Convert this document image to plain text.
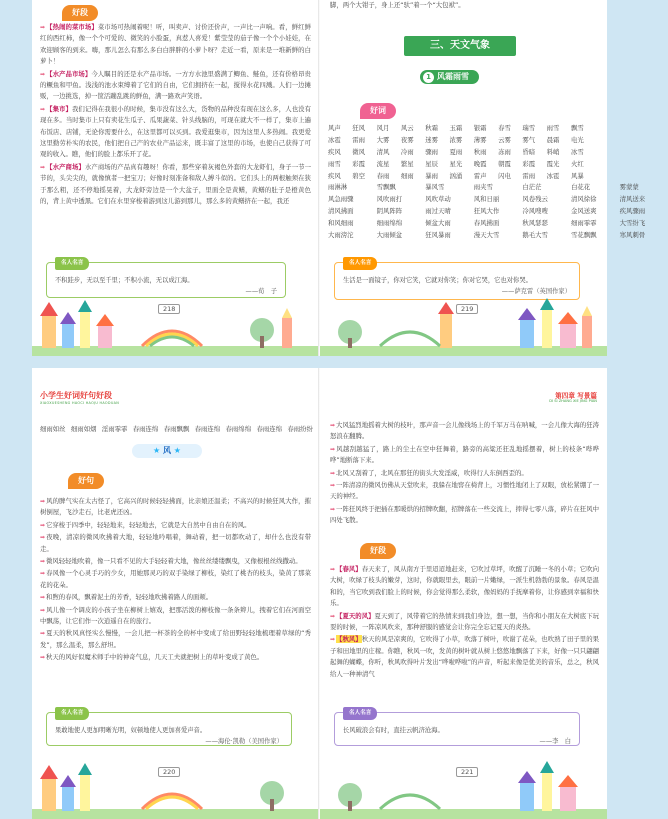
好段

➡【热闹的菜市场】菜市场可热闹着呢！听，叫卖声、讨价还价声，一声比一声响。看，鲜红鲜红的西红柿，像一个个可爱的、微笑的小脸蛋，真惹人喜爱！紫莹莹的茄子像一个个小娃娃，在欢迎顾客的到来。嗨，那儿怎么有那么多白白胖胖的小萝卜呀？走近一看，原来是一堆新鲜的白萝卜！

➡【水产品市场】今人瞩目的还是水产品市场。一方方水池里盛满了鲫鱼、鲢鱼，还有价格昂贵的鳜鱼和甲鱼。浅浅的池水束缚着了它们的自由，它们拥挤在一起，搅得水花四溅。人们一边摊贩，一边挑选，掉一筐活蹦乱跳的鲜鱼，满一路欢声笑语。

➡【集市】我们记得在我很小的时候，集市没有这么大，货物的品种没有现在这么多，人也没有现在多。当时集市上只有卖花生瓜子、瓜果蔬菜、针头线脑的，可现在就大不一样了，集市上遍布饭店、店铺，无论你需要什么，在这里都可以买到。我爱逛集市，因为这里人多热闹。我更爱这里勤劳朴实的农民，他们把自己产的农业产品运来，既丰富了这里的市场，也使自己获得了可观的收入。瞧，他们的脸上都乐开了花。

➡【水产商场】水产商场的产品真有趣呀！你看，那些穿着灰褐色外套的大龙虾们，身子一节一节的，头尖尖的，就像慎者一把宝刀；好像时刻准备和敌人搏斗似的。它们头上的两根触须在狭于那么粗，还不停地摇晃着，大龙虾旁边是一个大盆子，里面全是黄鳝，黄鳝的肚子是橙黄色的，背上黄中透黑。它们在水里穿梭着游到这儿游到那儿，那么多的黄鳝挤在一起，我还

名人名言
不积跬步，无以至千里；不积小流，无以成江海。
——荀　子
218
脚，两个大钳子，身上还“驮”着一个“大包袱”。
三、天文气象
1 风霜雨雪
好词
风声	狂风	风月	风云	秋霜	玉霜	银霜	春雪	瑞雪	雨雪	飘雪
冰雹	雷雨	大雾	夜雾	迷雾	浓雾	薄雾	云雾	雾气	晨霜	电光
疾风	微风	清风	冷雨	骤雨	夏雨	秋雨	冻雨	昏暗	料峭	冰雪
雨雪	彩霞	流星	繁星	星辰	星光	晚霞	朝霞	彩霞	霞光	火红
疾风	碧空	春雨	细雨	暴雨	汹涌	雷声	闪电	雷雨	冰雹	风暴
雨淋淋	雪飘飘	暴风雪	雨夹雪	白茫茫	白花花	雾蒙蒙
风急雨骤	风吹雨打	风吹草动	风和日丽	风卷残云	清风徐徐	清风送来
清风拂面	阴风阵阵	雨过天晴	狂风大作	冷风嗖嗖	金风送爽	疾风骤雨
和风细雨	细雨绵绵	倾盆大雨	春风拂面	秋风瑟瑟	细雨霏霏	大雪纷飞
大雨滂沱	大雨倾盆	狂风暴雨	漫天大雪	鹅毛大雪	雪花飘飘	寒风刺骨
名人名言
生活是一面镜子，你对它笑，它就对你笑；你对它哭，它也对你哭。
——萨克雷（英国作家）
219
小学生好词好句好段
XIAOXUESHENG HAOCI HAOJU HAODUAN
细雨如丝 细雨如烟 淫雨霏霏 春雨连绵 春雨飘飘 春雨连绵 春雨绵绵 春雨连绵 春雨纷纷
★ 风 ★
好句

➡风的脾气实在太古怪了，它高兴的时候轻轻拂面，比亲娘还温柔；不高兴的时候狂风大作，摧树倒屋，飞沙走石，比老虎还凶。

➡它穿梭于四季中，轻轻地来，轻轻地去，它就是大自然中自由自在的风。

➡夜晚，清凉的微风吹拂着大地，轻轻地吟唱着，舞动着，把一切都吹动了，却什么也没有带走。

➡微风轻轻地吹着，像一只看不见的大手轻轻着大地，像丝丝缕缕飘曳，又像根根丝线撒动。

➡春风像一个心灵手巧的少女，用她那灵巧的双手染绿了柳枝，染红了桃杏的枝头，染黄了那菜花的花朵。

➡和煦的春风，飘着泥土的芳香，轻轻地吹拂着路人的面颊。

➡风儿像一个调皮的小孩子坐在柳树上嬉戏，把那活泼的柳枝像一条条辫儿，拽着它们在河面空中飘荡，让它们作一次逍遥自在的旅行。

➡夏天的秋风真怪实么慢慢，一会儿把一杯茶的全的杯中变成了给田野轻轻地梳理着草绿的“秀发”，那么温柔，那么舒坦。

➡秋天的风好似魔术师手中的神奇气息，几天工夫就把树上的草叶变成了黄色。

名人名言
果敢地使人更加明晰光明，奴顿地使人更加喜爱声音。
——海伦·凯勒（美国作家）
220
第四章 写景篇
DI SI ZHANG XIE JING PIAN

➡大风猛烈地摇着大树的枝叶，那声音一会儿像线场上的千军万马在呐喊，一会儿像大海的狂涛怒浪在翻腾。

➡风越刮越猛了，路上的尘土在空中狂舞着，路旁的高粱还狂乱地摇摆着，树上的枝条“哔哗哗”地断落下来。

➡北风又刮着了，北风在那狂的街头大发淫威，吹得行人东倒西歪的。

➡一阵清凉的微风仿佛从天堂吹来，我躲在地窖在椅背上，习惯性地闭上了双眼，放松紧绷了一天的神经。

➡一阵狂风终于把插在那暖烘的招牌吹翻，招牌落在一些交流上，摔得七零八落，碎片在狂风中四处飞散。

好段

➡【春风】春天来了，风从南方于里迢迢地赶来，它吹过草坪，吹醒了沉睡一冬的小草；它吹向大树，吹绿了枝头的嫩芽，这时，你就眼里去，眼前一片嫩绿，一派生机勃勃的景象。春风是温和的，当它吹到我们脸上的时候，你会觉得那么柔软，像妈妈的手抚摩着你，让你感到幸福和快乐。

➡【夏天的风】夏天到了，风带着它的热情来到我们身边，想一想，当你和小朋友在大树底下玩耍的时候，一阵凉风吹来，那种舒服的感觉会让你完全忘记夏天的炎热。

➡【秋风】秋天的风是凉爽的，它吹得了小草，吹落了树叶，吹谢了花朵，也吹熟了田子里的果子和田地里的庄稼。你瞧，秋风一吹，发黄的树叶就从树上悠悠地飘落了下来，好像一只只翩翩起舞的蝴蝶，你听，秋风吹得叶片发出“哗啦哗啦”的声音，听起来像是优美的音乐，总之，秋风给人一种神清气

名人名言
长风破浪会有时，直挂云帆济沧海。
——李　白
221
